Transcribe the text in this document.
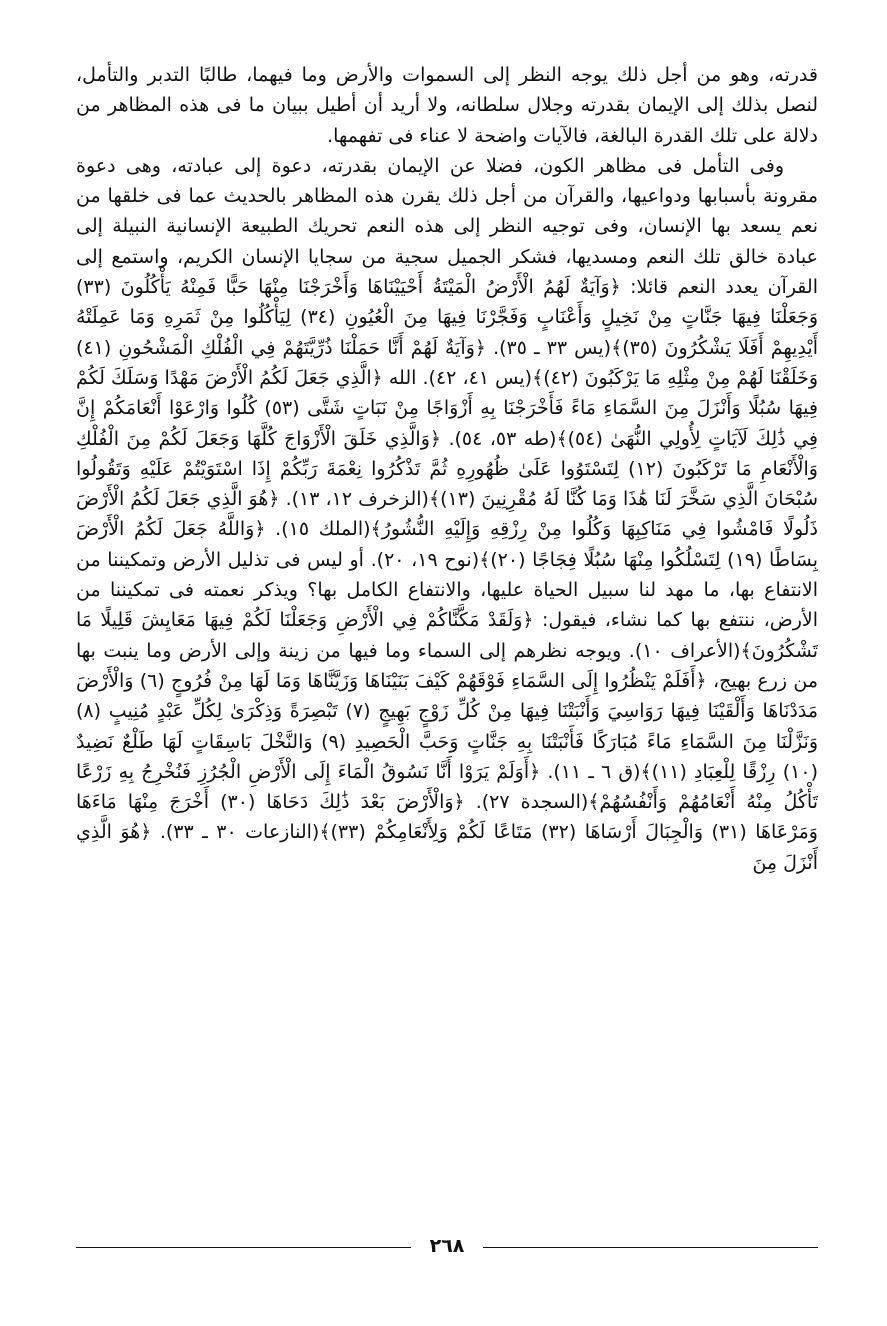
قدرته، وهو من أجل ذلك يوجه النظر إلى السموات والأرض وما فيهما، طالبًا التدبر والتأمل، لنصل بذلك إلى الإيمان بقدرته وجلال سلطانه، ولا أريد أن أطيل ببيان ما فى هذه المظاهر من دلالة على تلك القدرة البالغة، فالآيات واضحة لا عناء فى تفهمها.

وفى التأمل فى مظاهر الكون، فضلا عن الإيمان بقدرته، دعوة إلى عبادته، وهى دعوة مقرونة بأسبابها ودواعيها، والقرآن من أجل ذلك يقرن هذه المظاهر بالحديث عما فى خلقها من نعم يسعد بها الإنسان، وفى توجيه النظر إلى هذه النعم تحريك الطبيعة الإنسانية النبيلة إلى عبادة خالق تلك النعم ومسديها، فشكر الجميل سجية من سجايا الإنسان الكريم، واستمع إلى القرآن يعدد النعم قائلا: ﴿وَآيَةٌ لَهُمُ الْأَرْضُ الْمَيْتَةُ أَحْيَيْنَاهَا وَأَخْرَجْنَا مِنْهَا حَبًّا فَمِنْهُ يَأْكُلُونَ (٣٣) وَجَعَلْنَا فِيهَا جَنَّاتٍ مِنْ نَخِيلٍ وَأَعْنَابٍ وَفَجَّرْنَا فِيهَا مِنَ الْعُيُونِ (٣٤) لِيَأْكُلُوا مِنْ ثَمَرِهِ وَمَا عَمِلَتْهُ أَيْدِيهِمْ أَفَلَا يَشْكُرُونَ (٣٥)﴾(يس ٣٣ ـ ٣٥). ﴿وَآيَةٌ لَهُمْ أَنَّا حَمَلْنَا ذُرِّيَّتَهُمْ فِي الْفُلْكِ الْمَشْحُونِ (٤١) وَخَلَقْنَا لَهُمْ مِنْ مِثْلِهِ مَا يَرْكَبُونَ (٤٢)﴾(يس ٤١، ٤٢). الله ﴿الَّذِي جَعَلَ لَكُمُ الْأَرْضَ مَهْدًا وَسَلَكَ لَكُمْ فِيهَا سُبُلًا وَأَنْزَلَ مِنَ السَّمَاءِ مَاءً فَأَخْرَجْنَا بِهِ أَزْوَاجًا مِنْ نَبَاتٍ شَتَّى (٥٣) كُلُوا وَارْعَوْا أَنْعَامَكُمْ إِنَّ فِي ذَٰلِكَ لَآيَاتٍ لِأُولِي النُّهَىٰ (٥٤)﴾(طه ٥٣، ٥٤). ﴿وَالَّذِي خَلَقَ الْأَزْوَاجَ كُلَّهَا وَجَعَلَ لَكُمْ مِنَ الْفُلْكِ وَالْأَنْعَامِ مَا تَرْكَبُونَ (١٢) لِتَسْتَوُوا عَلَىٰ ظُهُورِهِ ثُمَّ تَذْكُرُوا نِعْمَةَ رَبِّكُمْ إِذَا اسْتَوَيْتُمْ عَلَيْهِ وَتَقُولُوا سُبْحَانَ الَّذِي سَخَّرَ لَنَا هَٰذَا وَمَا كُنَّا لَهُ مُقْرِنِينَ (١٣)﴾(الزخرف ١٢، ١٣). ﴿هُوَ الَّذِي جَعَلَ لَكُمُ الْأَرْضَ ذَلُولًا فَامْشُوا فِي مَنَاكِبِهَا وَكُلُوا مِنْ رِزْقِهِ وَإِلَيْهِ النُّشُورُ﴾(الملك ١٥). ﴿وَاللَّهُ جَعَلَ لَكُمُ الْأَرْضَ بِسَاطًا (١٩) لِتَسْلُكُوا مِنْهَا سُبُلًا فِجَاجًا (٢٠)﴾(نوح ١٩، ٢٠). أو ليس فى تذليل الأرض وتمكيننا من الانتفاع بها، ما مهد لنا سبيل الحياة عليها، والانتفاع الكامل بها؟ ويذكر نعمته فى تمكيننا من الأرض، ننتفع بها كما نشاء، فيقول: ﴿وَلَقَدْ مَكَّنَّاكُمْ فِي الْأَرْضِ وَجَعَلْنَا لَكُمْ فِيهَا مَعَايِشَ قَلِيلًا مَا تَشْكُرُونَ﴾(الأعراف ١٠). ويوجه نظرهم إلى السماء وما فيها من زينة وإلى الأرض وما ينبت بها من زرع بهيج، ﴿أَفَلَمْ يَنْظُرُوا إِلَى السَّمَاءِ فَوْقَهُمْ كَيْفَ بَنَيْنَاهَا وَزَيَّنَّاهَا وَمَا لَهَا مِنْ فُرُوجٍ (٦) وَالْأَرْضَ مَدَدْنَاهَا وَأَلْقَيْنَا فِيهَا رَوَاسِيَ وَأَنْبَتْنَا فِيهَا مِنْ كُلِّ زَوْجٍ بَهِيجٍ (٧) تَبْصِرَةً وَذِكْرَىٰ لِكُلِّ عَبْدٍ مُنِيبٍ (٨) وَنَزَّلْنَا مِنَ السَّمَاءِ مَاءً مُبَارَكًا فَأَنْبَتْنَا بِهِ جَنَّاتٍ وَحَبَّ الْحَصِيدِ (٩) وَالنَّخْلَ بَاسِقَاتٍ لَهَا طَلْعٌ نَضِيدٌ (١٠) رِزْقًا لِلْعِبَادِ (١١)﴾(ق ٦ ـ ١١). ﴿أَوَلَمْ يَرَوْا أَنَّا نَسُوقُ الْمَاءَ إِلَى الْأَرْضِ الْجُرُزِ فَنُخْرِجُ بِهِ زَرْعًا تَأْكُلُ مِنْهُ أَنْعَامُهُمْ وَأَنْفُسُهُمْ﴾(السجدة ٢٧). ﴿وَالْأَرْضَ بَعْدَ ذَٰلِكَ دَحَاهَا (٣٠) أَخْرَجَ مِنْهَا مَاءَهَا وَمَرْعَاهَا (٣١) وَالْجِبَالَ أَرْسَاهَا (٣٢) مَتَاعًا لَكُمْ وَلِأَنْعَامِكُمْ (٣٣)﴾(النازعات ٣٠ ـ ٣٣). ﴿هُوَ الَّذِي أَنْزَلَ مِنَ

٢٦٨
